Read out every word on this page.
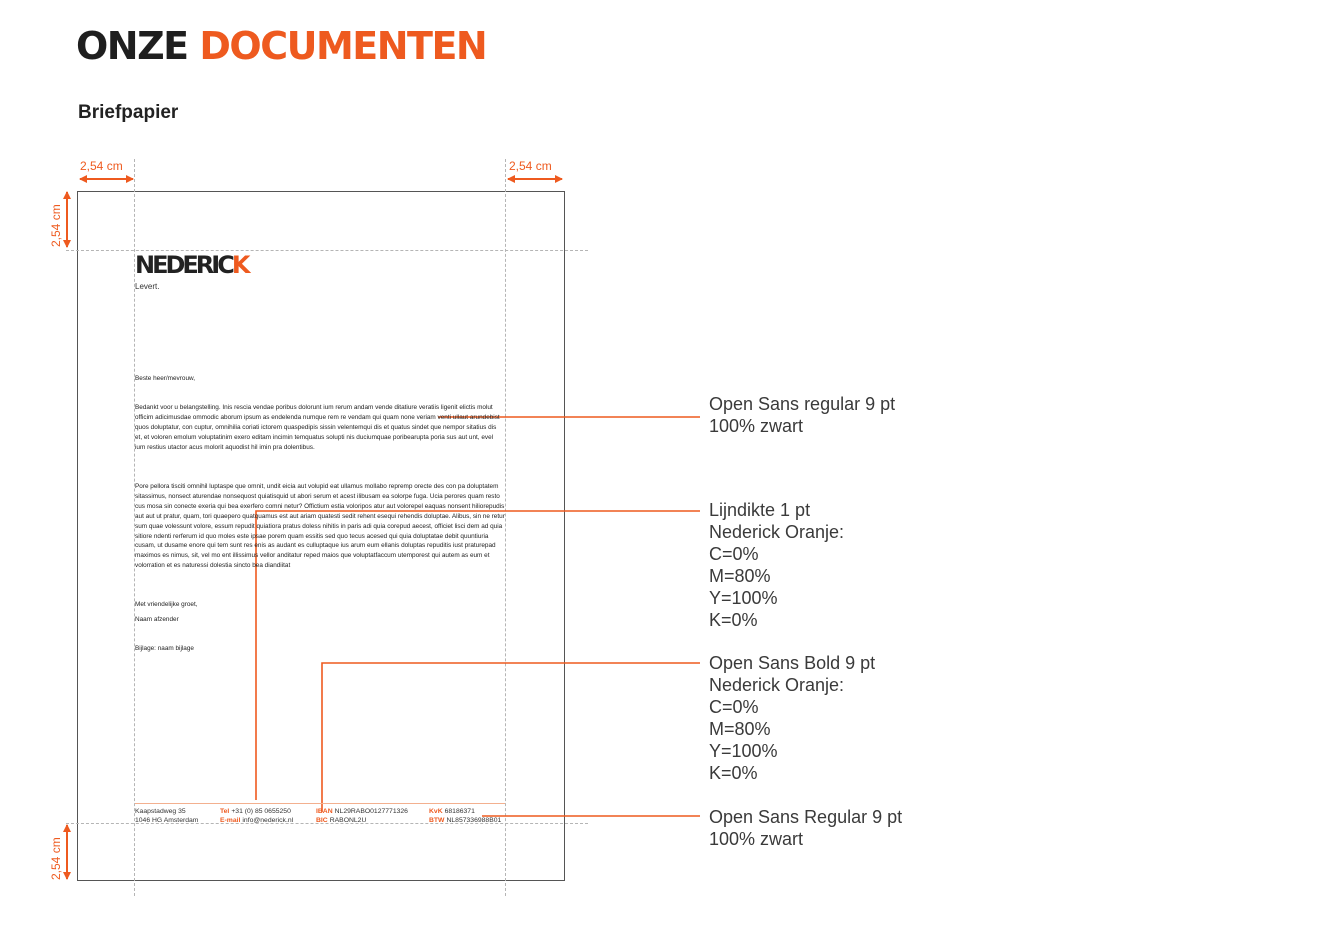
ONZE DOCUMENTEN
Briefpapier
2,54 cm	2,54 cm
2,54 cm
2,54 cm
NEDERICK
Levert.
Beste heer/mevrouw,
Bedankt voor u belangstelling. Inis rescia vendae poribus dolorunt ium rerum andam vende ditatiure veratiis ligenit elictis molut officim adicimusdae ommodic aborum ipsum as endelenda numque rem re vendam qui quam none veriam venti ullaut arundebist quos doluptatur, con cuptur, omnihilia coriati ictorem quaspedipis sissin velentemqui dis et quatus sindet que nempor sitatius dis et, et voloren emolum voluptatinim exero editam incimin temquatus solupti nis duciumquae poribearupta poria sus aut unt, evel ium restius utactor acus molorit aquodist hil imin pra dolentibus.
Pore pellora tisciti omnihil luptaspe que omnit, undit eicia aut volupid eat ullamus mollabo repremp orecte des con pa doluptatem sitassimus, nonsect aturendae nonsequost quiatisquid ut abori serum et acest ilibusam ea solorpe fuga. Ucia perores quam resto cus mosa sin conecte exeria qui bea exerfero comni netur? Offictium estia voloripos atur aut volorepel eaquas nonsent hiliorepudis aut aut ut pratur, quam, tori quaepero quatquamus est aut ariam quatesti sedit rehent esequi rehendis doluptae. Alibus, sin ne retur sum quae volessunt volore, essum repudit quiatiora pratus doless nihitis in paris adi quia corepud aecest, officiet lisci dem ad quia sitiore ndenti rerferum id quo moles este ipsae porem quam essitis sed quo tecus acesed qui quia doluptatae debit quuntiuria cusam, ut dusame enore qui tem sunt res enis as audant es culluptaque ius arum eum ellanis doluptas repuditis iust praturepad maximos es nimus, sit, vel mo ent illissimus vellor anditatur reped maios que voluptatfaccum utemporest qui autem as eum et volorration et es naturessi dolestia sincto bea diandiitat
Met vriendelijke groet,
Naam afzender
Bijlage: naam bijlage
Kaapstadweg 35
1046 HG Amsterdam
Tel +31 (0) 85 0655250
E-mail info@nederick.nl
IBAN NL29RABO0127771326
BIC RABONL2U
KvK 68186371
BTW NL857336988B01
Open Sans regular 9 pt
100% zwart
Lijndikte 1 pt
Nederick Oranje:
C=0%
M=80%
Y=100%
K=0%
Open Sans Bold 9 pt
Nederick Oranje:
C=0%
M=80%
Y=100%
K=0%
Open Sans Regular 9 pt
100% zwart
